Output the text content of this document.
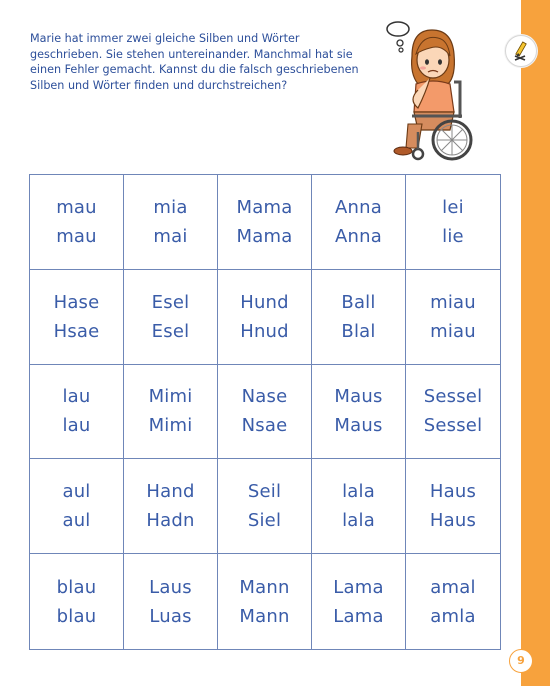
Marie hat immer zwei gleiche Silben und Wörter geschrieben. Sie stehen untereinander. Manchmal hat sie einen Fehler gemacht. Kannst du die falsch geschriebenen Silben und Wörter finden und durchstreichen?
mau
mau
mia
mai
Mama
Mama
Anna
Anna
lei
lie
Hase
Hsae
Esel
Esel
Hund
Hnud
Ball
Blal
miau
miau
lau
lau
Mimi
Mimi
Nase
Nsae
Maus
Maus
Sessel
Sessel
aul
aul
Hand
Hadn
Seil
Siel
lala
lala
Haus
Haus
blau
blau
Laus
Luas
Mann
Mann
Lama
Lama
amal
amla
9
